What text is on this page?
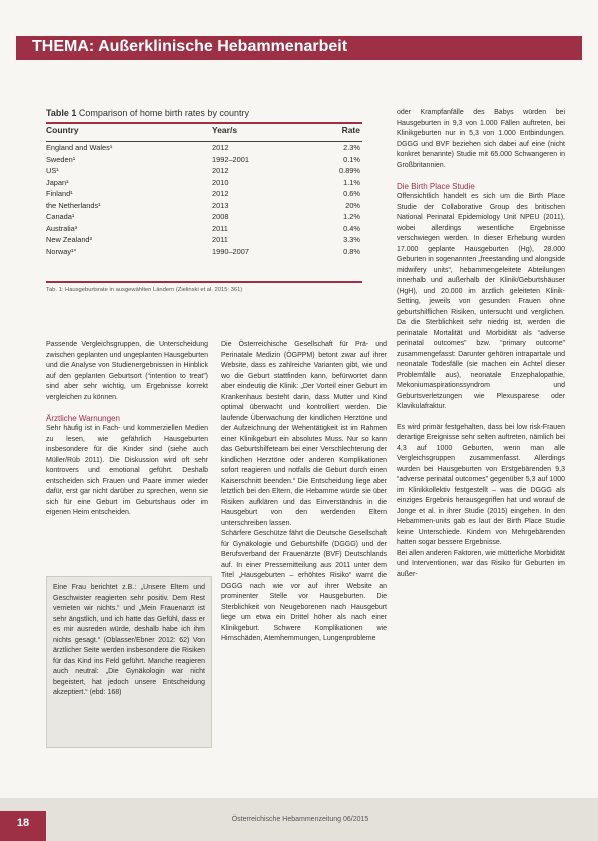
THEMA: Außerklinische Hebammenarbeit
Table 1 Comparison of home birth rates by country
Country	Year/s	Rate
England and Wales¹	2012	2.3%
Sweden¹	1992–2001	0.1%
US¹	2012	0.89%
Japan¹	2010	1.1%
Finland¹	2012	0.6%
the Netherlands¹	2013	20%
Canada¹	2008	1.2%
Australia³	2011	0.4%
New Zealand³	2011	3.3%
Norway¹°	1990–2007	0.8%
Tab. 1: Hausgeburtsrate in ausgewählten Ländern (Zielinski et al. 2015: 361)

Passende Vergleichsgruppen, die Unterscheidung zwischen geplanten und ungeplanten Hausgeburten und die Analyse von Studienergebnissen in Hinblick auf den geplanten Geburtsort (“intention to treat”) sind aber sehr wichtig, um Ergebnisse korrekt vergleichen zu können.

Ärztliche Warnungen

Sehr häufig ist in Fach- und kommerziellen Medien zu lesen, wie gefährlich Hausgeburten insbesondere für die Kinder sind (siehe auch Müller/Rüb 2011). Die Diskussion wird oft sehr kontrovers und emotional geführt. Deshalb entscheiden sich Frauen und Paare immer wieder dafür, erst gar nicht darüber zu sprechen, wenn sie sich für eine Geburt im Geburtshaus oder im eigenen Heim entscheiden.

Eine Frau berichtet z.B.: „Unsere Eltern und Geschwister reagierten sehr positiv. Dem Rest verrieten wir nichts.“ und „Mein Frauenarzt ist sehr ängstlich, und ich hatte das Gefühl, dass er es mir ausreden würde, deshalb habe ich ihm nichts gesagt.“ (Oblasser/Ebner 2012: 62) Von ärztlicher Seite werden insbesondere die Risiken für das Kind ins Feld geführt. Manche reagieren auch neutral: „Die Gynäkologin war nicht begeistert, hat jedoch unsere Entscheidung akzeptiert.“ (ebd: 168)

Die Österreichische Gesellschaft für Prä- und Perinatale Medizin (ÖGPPM) betont zwar auf ihrer Website, dass es zahlreiche Varianten gibt, wie und wo die Geburt stattfinden kann, befürwortet dann aber eindeutig die Klinik: „Der Vorteil einer Geburt im Krankenhaus besteht darin, dass Mutter und Kind optimal überwacht und kontrolliert werden. Die laufende Überwachung der kindlichen Herztöne und der Aufzeichnung der Wehentätigkeit ist im Rahmen einer Klinikgeburt ein absolutes Muss. Nur so kann das Geburtshilfeteam bei einer Verschlechterung der kindlichen Herztöne oder anderen Komplikationen sofort reagieren und notfalls die Geburt durch einen Kaiserschnitt beenden.“ Die Entscheidung liege aber letztlich bei den Eltern, die Hebamme würde sie über Risiken aufklären und das Einverständnis in die Hausgeburt von den werdenden Eltern unterschreiben lassen.

Schärfere Geschütze fährt die Deutsche Gesellschaft für Gynäkologie und Geburtshilfe (DGGG) und der Berufsverband der Frauenärzte (BVF) Deutschlands auf. In einer Pressemitteilung aus 2011 unter dem Titel „Hausgeburten – erhöhtes Risiko“ warnt die DGGG nach wie vor auf ihrer Website an prominenter Stelle vor Hausgeburten. Die Sterblichkeit von Neugeborenen nach Hausgeburt liege um etwa ein Drittel höher als nach einer Klinikgeburt. Schwere Komplikationen wie Hirnschäden, Atemhemmungen, Lungenprobleme

oder Krampfanfälle des Babys würden bei Hausgeburten in 9,3 von 1.000 Fällen auftreten, bei Klinikgeburten nur in 5,3 von 1.000 Entbindungen. DGGG und BVF beziehen sich dabei auf eine (nicht konkret benannte) Studie mit 65.000 Schwangeren in Großbritannien.

Die Birth Place Studie

Offensichtlich handelt es sich um die Birth Place Studie der Collaborative Group des britischen National Perinatal Epidemiology Unit NPEU (2011), wobei allerdings wesentliche Ergebnisse verschwiegen werden. In dieser Erhebung wurden 17.000 geplante Hausgeburten (Hg), 28.000 Geburten in sogenannten „freestanding und alongside midwifery units“, hebammengeleitete Abteilungen innerhalb und außerhalb der Klinik/Geburtshäuser (HgH), und 20.000 im ärztlich geleiteten Klinik-Setting, jeweils von gesunden Frauen ohne geburtshilflichen Risiken, untersucht und verglichen. Da die Sterblichkeit sehr niedrig ist, werden die perinatale Mortalität und Morbidität als “adverse perinatal outcomes” bzw. “primary outcome” zusammengefasst: Darunter gehören intrapartale und neonatale Todesfälle (sie machen ein Achtel dieser Problemfälle aus), neonatale Enzephalopathie, Mekoniumaspirationssyndrom und Geburtsverletzungen wie Plexusparese oder Klavikulafraktur.

Es wird primär festgehalten, dass bei low risk-Frauen derartige Ereignisse sehr selten auftreten, nämlich bei 4,3 auf 1000 Geburten, wenn man alle Vergleichsgruppen zusammenfasst. Allerdings wurden bei Hausgeburten von Erstgebärenden 9,3 “adverse perinatal outcomes” gegenüber 5,3 auf 1000 im Klinikkollektiv festgestellt – was die DGGG als einziges Ergebnis herausgegriffen hat und worauf de Jonge et al. in ihrer Studie (2015) eingehen. In den Hebammen-units gab es laut der Birth Place Studie keine Unterschiede. Kindern von Mehrgebärenden hatten sogar bessere Ergebnisse.

Bei allen anderen Faktoren, wie mütterliche Morbidität und Interventionen, war das Risiko für Geburten im außer-

18	Österreichische Hebammenzeitung 06/2015
